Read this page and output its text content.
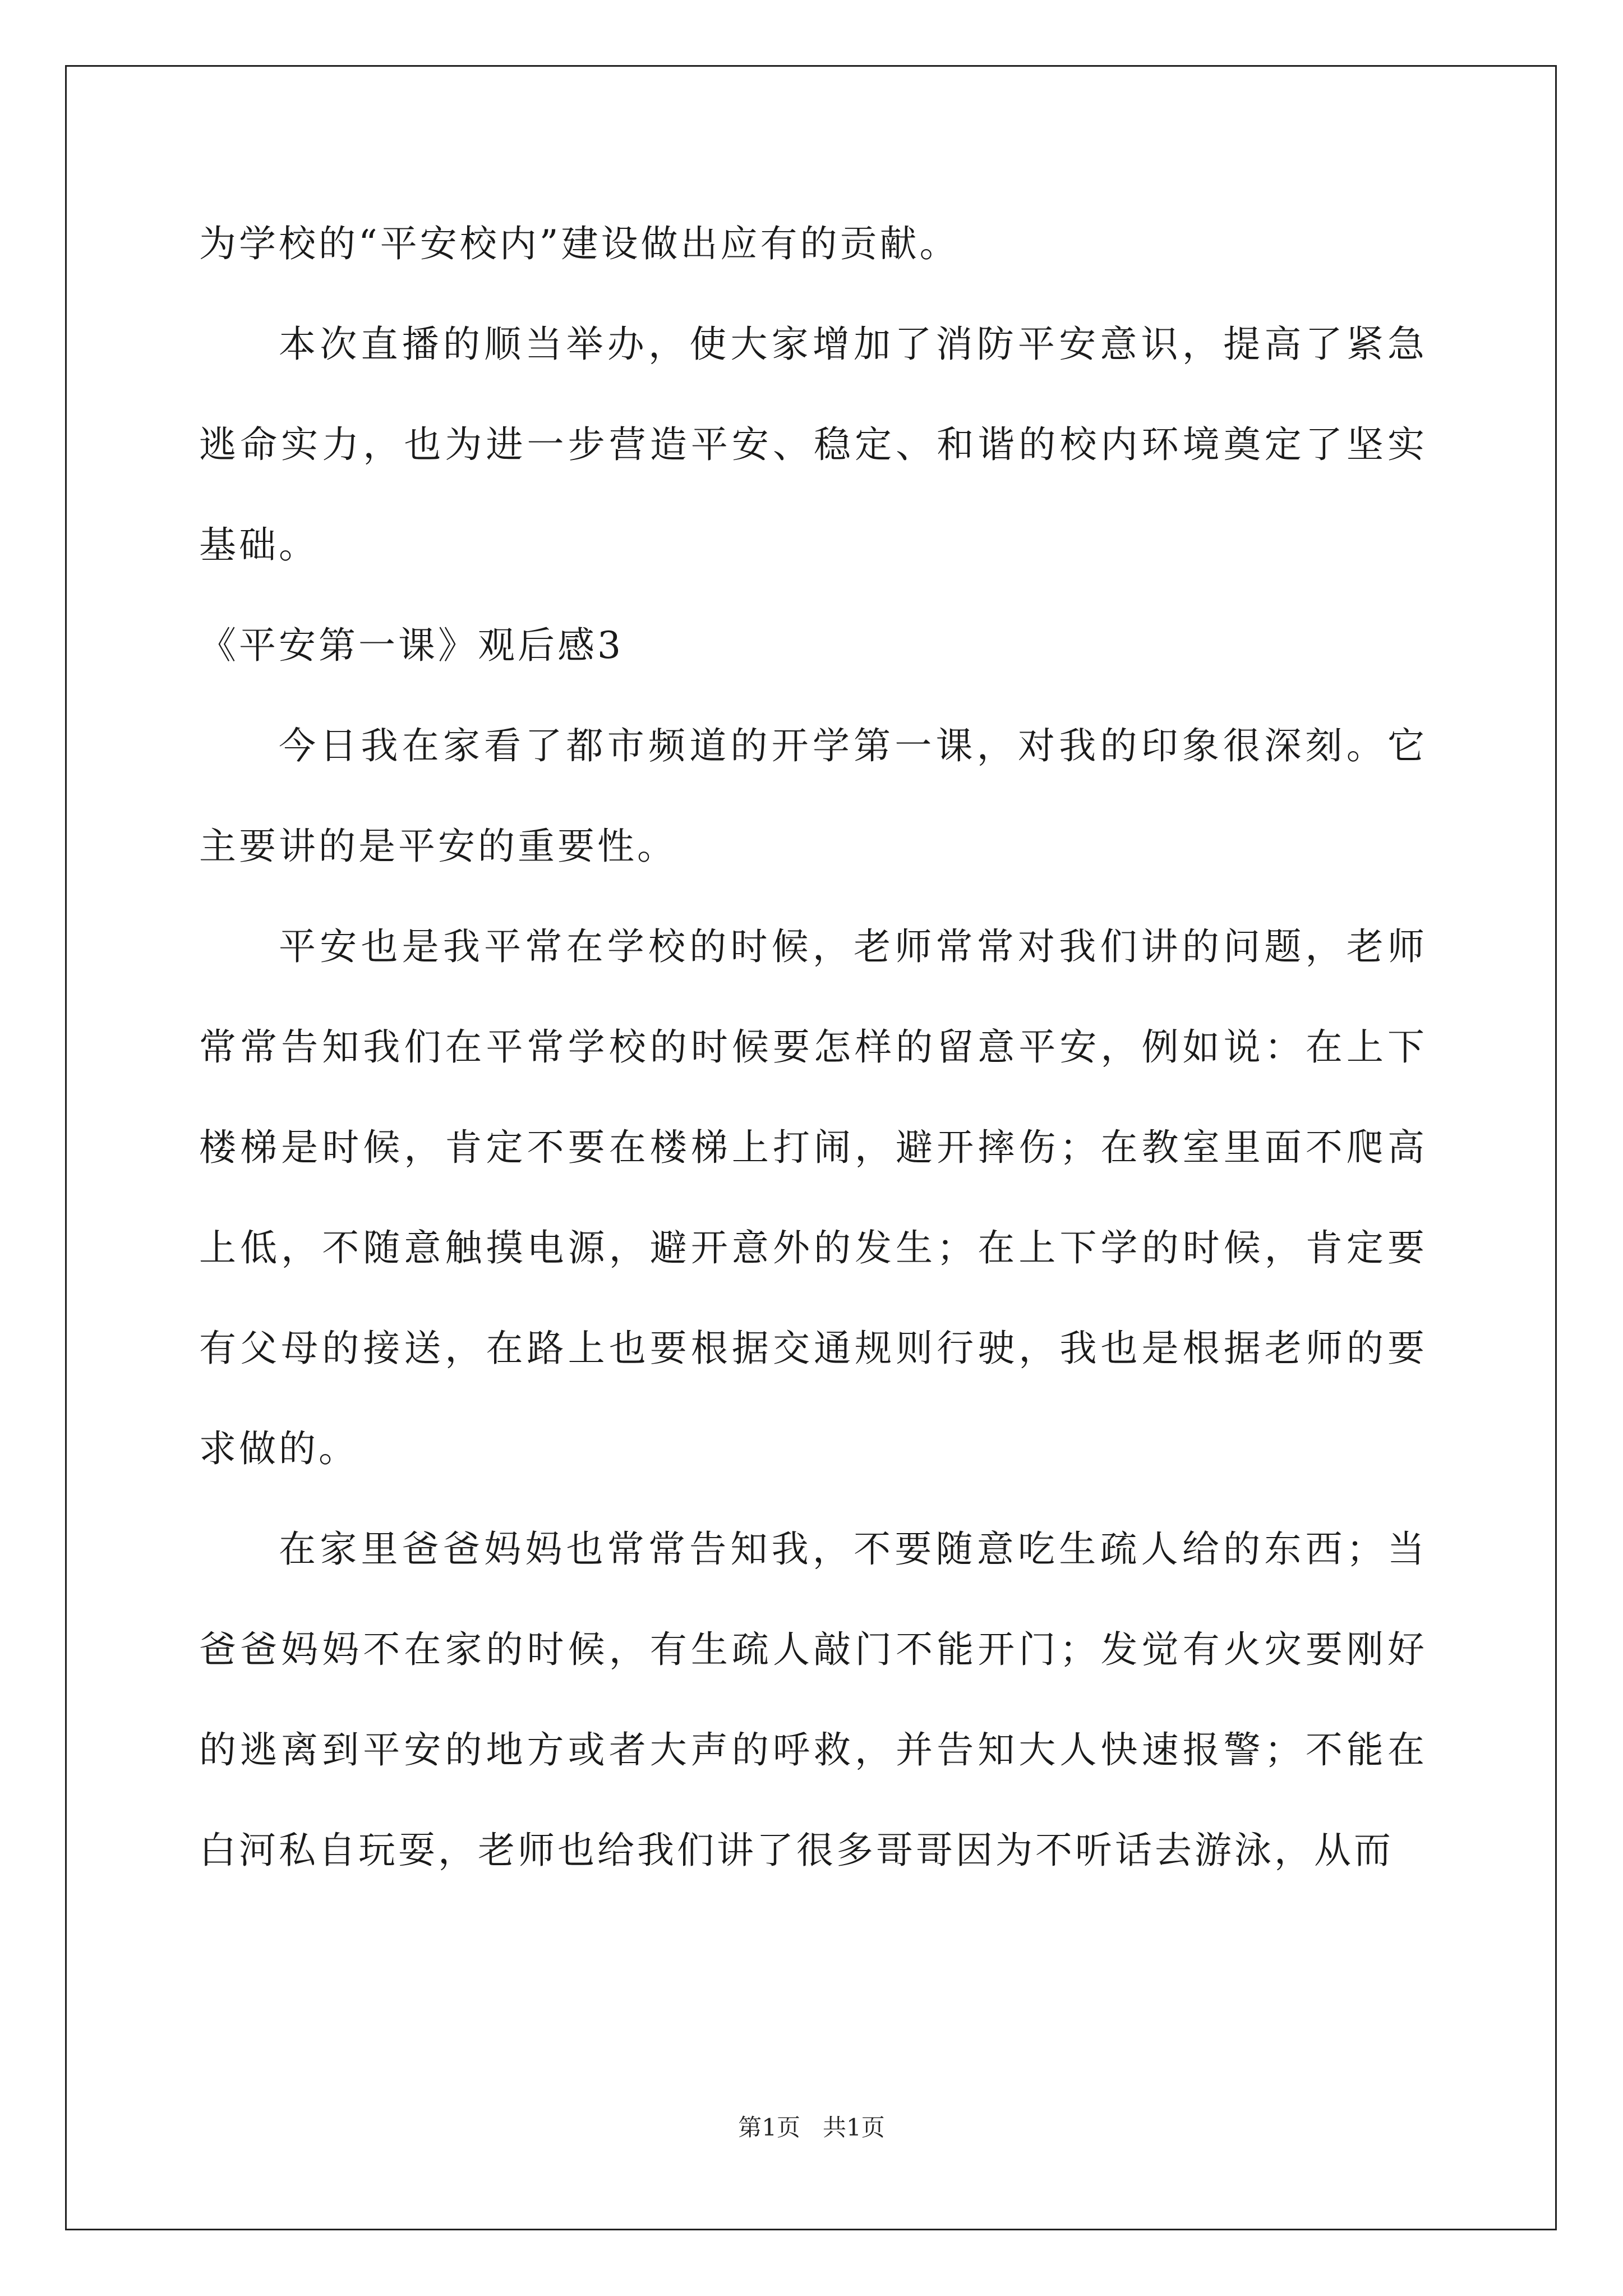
为学校的“平安校内”建设做出应有的贡献。

本次直播的顺当举办，使大家增加了消防平安意识，提高了紧急逃命实力，也为进一步营造平安、稳定、和谐的校内环境奠定了坚实基础。

《平安第一课》观后感3

今日我在家看了都市频道的开学第一课，对我的印象很深刻。它主要讲的是平安的重要性。

平安也是我平常在学校的时候，老师常常对我们讲的问题，老师常常告知我们在平常学校的时候要怎样的留意平安，例如说：在上下楼梯是时候，肯定不要在楼梯上打闹，避开摔伤；在教室里面不爬高上低，不随意触摸电源，避开意外的发生；在上下学的时候，肯定要有父母的接送，在路上也要根据交通规则行驶，我也是根据老师的要求做的。

在家里爸爸妈妈也常常告知我，不要随意吃生疏人给的东西；当爸爸妈妈不在家的时候，有生疏人敲门不能开门；发觉有火灾要刚好的逃离到平安的地方或者大声的呼救，并告知大人快速报警；不能在白河私自玩耍，老师也给我们讲了很多哥哥因为不听话去游泳，从而

第1页   共1页
